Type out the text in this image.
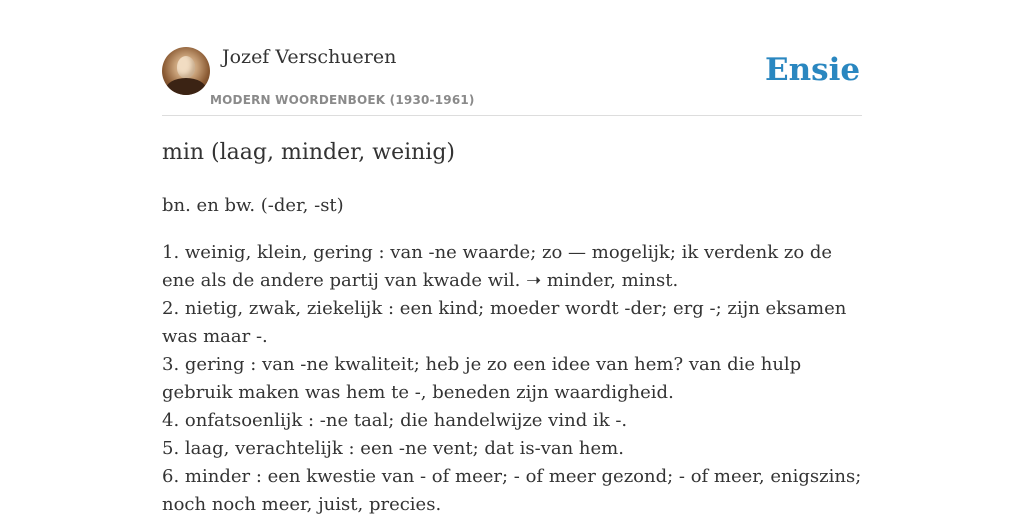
Jozef Verschueren
MODERN WOORDENBOEK (1930-1961)
Ensie
min (laag, minder, weinig)
bn. en bw. (-der, -st)
1. weinig, klein, gering : van -ne waarde; zo — mogelijk; ik verdenk zo de ene als de andere partij van kwade wil. ➝ minder, minst.
2. nietig, zwak, ziekelijk : een kind; moeder wordt -der; erg -; zijn eksamen was maar -.
3. gering : van -ne kwaliteit; heb je zo een idee van hem? van die hulp gebruik maken was hem te -, beneden zijn waardigheid.
4. onfatsoenlijk : -ne taal; die handelwijze vind ik -.
5. laag, verachtelijk : een -ne vent; dat is-van hem.
6. minder : een kwestie van - of meer; - of meer gezond; - of meer, enigszins; noch noch meer, juist, precies.
